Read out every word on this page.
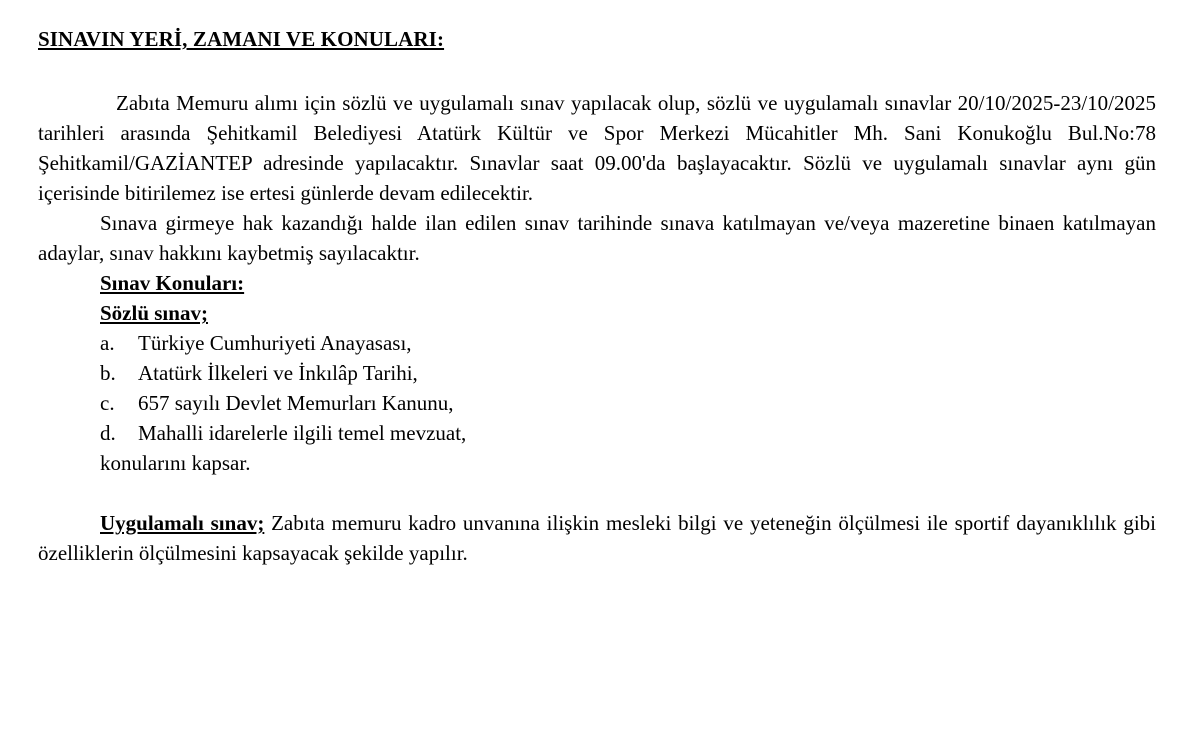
SINAVIN YERİ, ZAMANI VE KONULARI:

Zabıta Memuru alımı için sözlü ve uygulamalı sınav yapılacak olup, sözlü ve uygulamalı sınavlar 20/10/2025-23/10/2025 tarihleri arasında Şehitkamil Belediyesi Atatürk Kültür ve Spor Merkezi Mücahitler Mh. Sani Konukoğlu Bul.No:78 Şehitkamil/GAZİANTEP adresinde yapılacaktır. Sınavlar saat 09.00'da başlayacaktır. Sözlü ve uygulamalı sınavlar aynı gün içerisinde bitirilemez ise ertesi günlerde devam edilecektir.

Sınava girmeye hak kazandığı halde ilan edilen sınav tarihinde sınava katılmayan ve/veya mazeretine binaen katılmayan adaylar, sınav hakkını kaybetmiş sayılacaktır.

Sınav Konuları:
Sözlü sınav;
a.	Türkiye Cumhuriyeti Anayasası,
b.	Atatürk İlkeleri ve İnkılâp Tarihi,
c.	657 sayılı Devlet Memurları Kanunu,
d.	Mahalli idarelerle ilgili temel mevzuat,
konularını kapsar.

Uygulamalı sınav; Zabıta memuru kadro unvanına ilişkin mesleki bilgi ve yeteneğin ölçülmesi ile sportif dayanıklılık gibi özelliklerin ölçülmesini kapsayacak şekilde yapılır.
